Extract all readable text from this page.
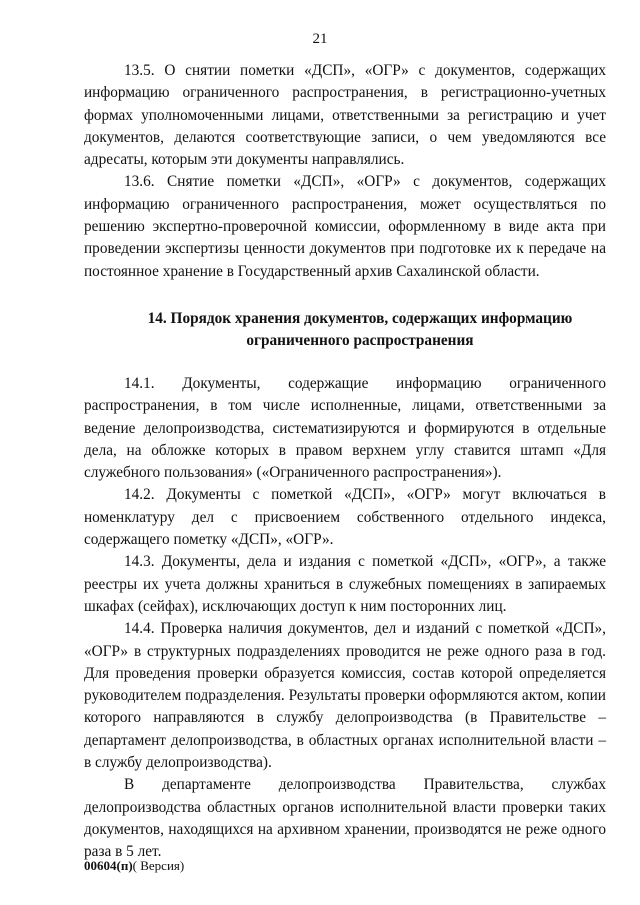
21

13.5. О снятии пометки «ДСП», «ОГР» с документов, содержащих информацию ограниченного распространения, в регистрационно-учетных формах уполномоченными лицами, ответственными за регистрацию и учет документов, делаются соответствующие записи, о чем уведомляются все адресаты, которым эти документы направлялись.

13.6. Снятие пометки «ДСП», «ОГР» с документов, содержащих информацию ограниченного распространения, может осуществляться по решению экспертно-проверочной комиссии, оформленному в виде акта при проведении экспертизы ценности документов при подготовке их к передаче на постоянное хранение в Государственный архив Сахалинской области.

14. Порядок хранения документов, содержащих информацию
ограниченного распространения

14.1. Документы, содержащие информацию ограниченного распространения, в том числе исполненные, лицами, ответственными за ведение делопроизводства, систематизируются и формируются в отдельные дела, на обложке которых в правом верхнем углу ставится штамп «Для служебного пользования» («Ограниченного распространения»).

14.2. Документы с пометкой «ДСП», «ОГР» могут включаться в номенклатуру дел с присвоением собственного отдельного индекса, содержащего пометку «ДСП», «ОГР».

14.3. Документы, дела и издания с пометкой «ДСП», «ОГР», а также реестры их учета должны храниться в служебных помещениях в запираемых шкафах (сейфах), исключающих доступ к ним посторонних лиц.

14.4. Проверка наличия документов, дел и изданий с пометкой «ДСП», «ОГР» в структурных подразделениях проводится не реже одного раза в год. Для проведения проверки образуется комиссия, состав которой определяется руководителем подразделения. Результаты проверки оформляются актом, копии которого направляются в службу делопроизводства (в Правительстве – департамент делопроизводства, в областных органах исполнительной власти – в службу делопроизводства).

В департаменте делопроизводства Правительства, службах делопроизводства областных органов исполнительной власти проверки таких документов, находящихся на архивном хранении, производятся не реже одного раза в 5 лет.

00604(п)( Версия)
